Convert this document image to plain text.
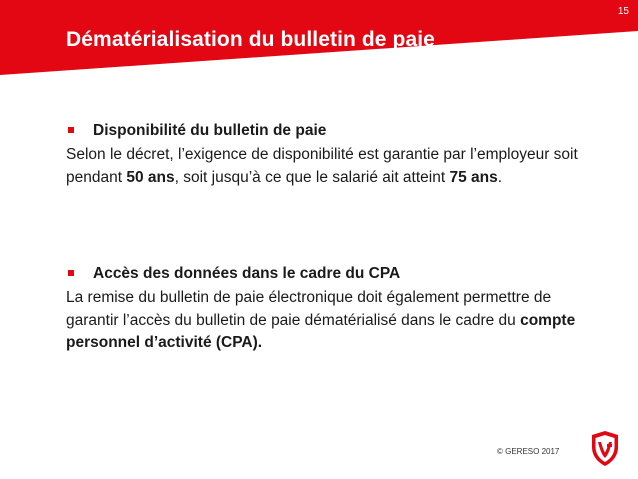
Dématérialisation du bulletin de paie
15
Disponibilité du bulletin de paie

Selon le décret, l’exigence de disponibilité est garantie par l’employeur soit pendant 50 ans, soit jusqu’à ce que le salarié ait atteint 75 ans.

Accès des données dans le cadre du CPA

La remise du bulletin de paie électronique doit également permettre de garantir l’accès du bulletin de paie dématérialisé dans le cadre du compte personnel d’activité (CPA).

© GERESO 2017
